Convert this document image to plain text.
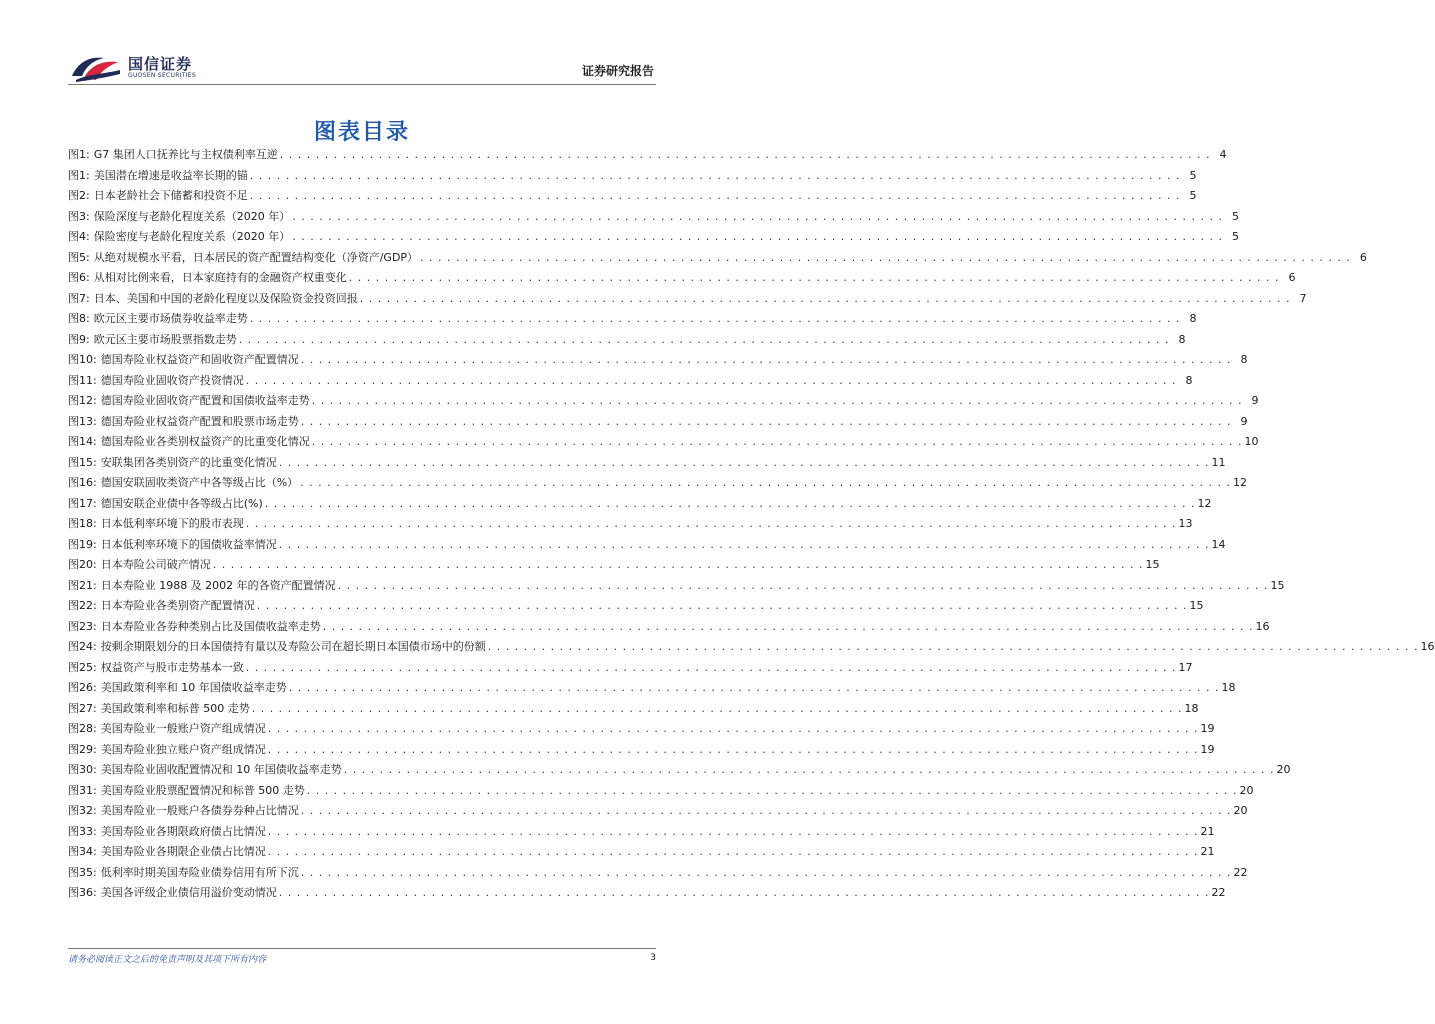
国信证券
GUOSEN SECURITIES	证券研究报告
图表目录
图1: G7 集团人口抚养比与主权债利率互逆 . . .	4
图1: 美国潜在增速是收益率长期的锚 . . .	5
图2: 日本老龄社会下储蓄和投资不足 . . .	5
图3: 保险深度与老龄化程度关系（2020 年） . . .	5
图4: 保险密度与老龄化程度关系（2020 年） . . .	5
图5: 从绝对规模水平看，日本居民的资产配置结构变化（净资产/GDP） . . .	6
图6: 从相对比例来看，日本家庭持有的金融资产权重变化 . . .	6
图7: 日本、美国和中国的老龄化程度以及保险资金投资回报 . . .	7
图8: 欧元区主要市场债券收益率走势 . . .	8
图9: 欧元区主要市场股票指数走势 . . .	8
图10: 德国寿险业权益资产和固收资产配置情况 . . .	8
图11: 德国寿险业固收资产投资情况 . . .	8
图12: 德国寿险业固收资产配置和国债收益率走势 . . .	9
图13: 德国寿险业权益资产配置和股票市场走势 . . .	9
图14: 德国寿险业各类别权益资产的比重变化情况 . . .	10
图15: 安联集团各类别资产的比重变化情况 . . .	11
图16: 德国安联固收类资产中各等级占比（%） . . .	12
图17: 德国安联企业债中各等级占比(%) . . .	12
图18: 日本低利率环境下的股市表现 . . .	13
图19: 日本低利率环境下的国债收益率情况 . . .	14
图20: 日本寿险公司破产情况 . . .	15
图21: 日本寿险业 1988 及 2002 年的各资产配置情况 . . .	15
图22: 日本寿险业各类别资产配置情况 . . .	15
图23: 日本寿险业各券种类别占比及国债收益率走势 . . .	16
图24: 按剩余期限划分的日本国债持有量以及寿险公司在超长期日本国债市场中的份额 . . .	16
图25: 权益资产与股市走势基本一致 . . .	17
图26: 美国政策利率和 10 年国债收益率走势 . . .	18
图27: 美国政策利率和标普 500 走势 . . .	18
图28: 美国寿险业一般账户资产组成情况 . . .	19
图29: 美国寿险业独立账户资产组成情况 . . .	19
图30: 美国寿险业固收配置情况和 10 年国债收益率走势 . . .	20
图31: 美国寿险业股票配置情况和标普 500 走势 . . .	20
图32: 美国寿险业一般账户各债券券种占比情况 . . .	20
图33: 美国寿险业各期限政府债占比情况 . . .	21
图34: 美国寿险业各期限企业债占比情况 . . .	21
图35: 低利率时期美国寿险业债券信用有所下沉 . . .	22
图36: 美国各评级企业债信用溢价变动情况 . . .	22
请务必阅读正文之后的免责声明及其项下所有内容	3
